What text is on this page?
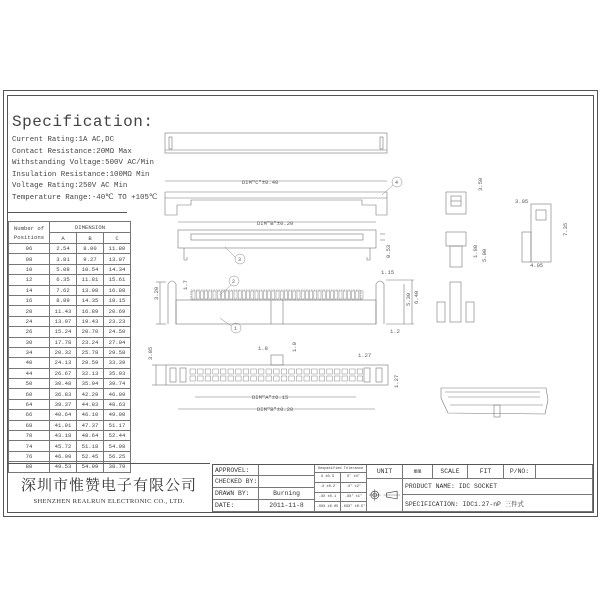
Specification:
Current Rating:1A AC,DC
Contact Resistance:20MΩ Max
Withstanding Voltage:500V AC/Min
Insulation Resistance:100MΩ Min
Voltage Rating:250V AC Min
Temperature Range:-40℃ TO +105℃
Number of Positions	DIMENSION		
	A	B	C
06	2.54	8.00	11.80
08	3.81	9.27	13.07
10	5.08	10.54	14.34
12	6.35	11.81	15.61
14	7.62	13.08	16.88
16	8.89	14.35	18.15
20	11.43	16.89	20.69
24	13.97	19.43	23.23
26	15.24	20.70	24.50
30	17.78	23.24	27.04
34	20.32	25.78	29.58
40	24.13	29.59	33.39
44	26.67	32.13	35.93
50	30.48	35.94	39.74
60	36.83	42.29	46.09
64	39.37	44.83	48.63
66	40.64	46.10	49.90
68	41.91	47.37	51.17
70	43.18	48.64	52.44
74	45.72	51.18	54.98
76	46.99	52.45	56.25
80	49.53	54.99	38.79
深圳市惟赞电子有限公司
SHENZHEN REALRUN ELECTRONIC CO., LTD.
APPROVEL:
CHECKED BY:
DRAWN BY:	Burning
DATE:	2011-11-8
Unspecified Tolerance
X ±0.3	X° ±4°
.X ±0.2	.X° ±2°
.XX ±0.1	.XX° ±1°
.XXX ±0.05 .XXX° ±0.5°
UNIT	mm	SCALE	FIT	P/NO:
PRODUCT NAME: IDC SOCKET
SPECIFICATION: IDC1.27-nP 三件式
DIM"C"±0.40
DIM"B"±0.20
DIM"A"±0.15
DIM"B"±0.20
0.53
3.20
1.7
1.15
5.30 6.40
1.2
3.05	1.8	1.0
1.27
1.27
3.50
1.80 5.00
3.05
7.35
4.05
1
2
3
4
